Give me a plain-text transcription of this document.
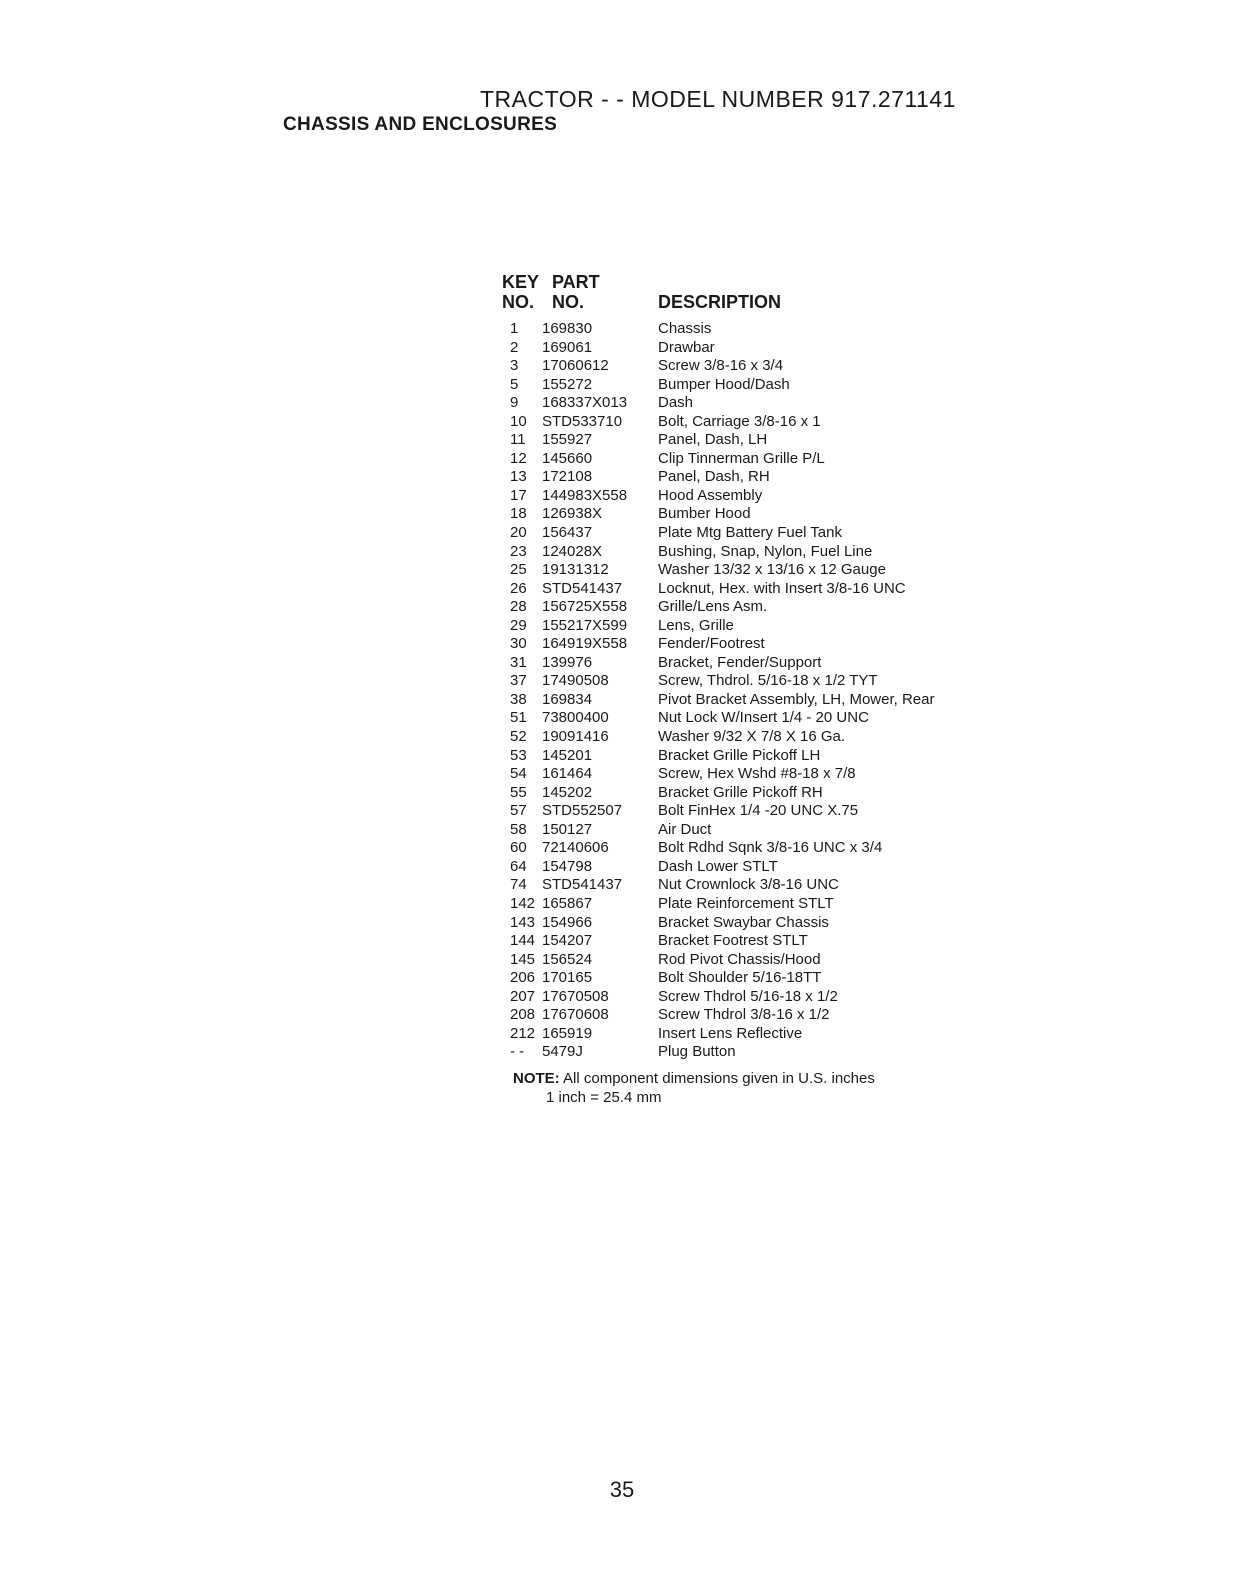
TRACTOR - - MODEL NUMBER 917.271141
CHASSIS AND ENCLOSURES
KEY PART
NO. NO.	DESCRIPTION
1 169830	Chassis
2 169061	Drawbar
3 17060612	Screw 3/8-16 x 3/4
5 155272	Bumper Hood/Dash
9 168337X013 Dash
10 STD533710 Bolt, Carriage 3/8-16 x 1
11 155927	Panel, Dash, LH
12 145660	Clip Tinnerman Grille P/L
13 172108	Panel, Dash, RH
17 144983X558 Hood Assembly
18 126938X	Bumber Hood
20 156437	Plate Mtg Battery Fuel Tank
23 124028X	Bushing, Snap, Nylon, Fuel Line
25 19131312	Washer 13/32 x 13/16 x 12 Gauge
26 STD541437 Locknut, Hex. with Insert 3/8-16 UNC
28 156725X558 Grille/Lens Asm.
29 155217X599 Lens, Grille
30 164919X558 Fender/Footrest
31 139976	Bracket, Fender/Support
37 17490508	Screw, Thdrol. 5/16-18 x 1/2 TYT
38 169834	Pivot Bracket Assembly, LH, Mower, Rear
51 73800400	Nut Lock W/Insert 1/4 - 20 UNC
52 19091416	Washer 9/32 X 7/8 X 16 Ga.
53 145201	Bracket Grille Pickoff LH
54 161464	Screw, Hex Wshd #8-18 x 7/8
55 145202	Bracket Grille Pickoff RH
57 STD552507 Bolt FinHex 1/4 -20 UNC X.75
58 150127	Air Duct
60 72140606	Bolt Rdhd Sqnk 3/8-16 UNC x 3/4
64 154798	Dash Lower STLT
74 STD541437 Nut Crownlock 3/8-16 UNC
142 165867	Plate Reinforcement STLT
143 154966	Bracket Swaybar Chassis
144 154207	Bracket Footrest STLT
145 156524	Rod Pivot Chassis/Hood
206 170165	Bolt Shoulder 5/16-18TT
207 17670508	Screw Thdrol 5/16-18 x 1/2
208 17670608	Screw Thdrol 3/8-16 x 1/2
212 165919	Insert Lens Reflective
- - 5479J	Plug Button
NOTE: All component dimensions given in U.S. inches
1 inch = 25.4 mm
35
